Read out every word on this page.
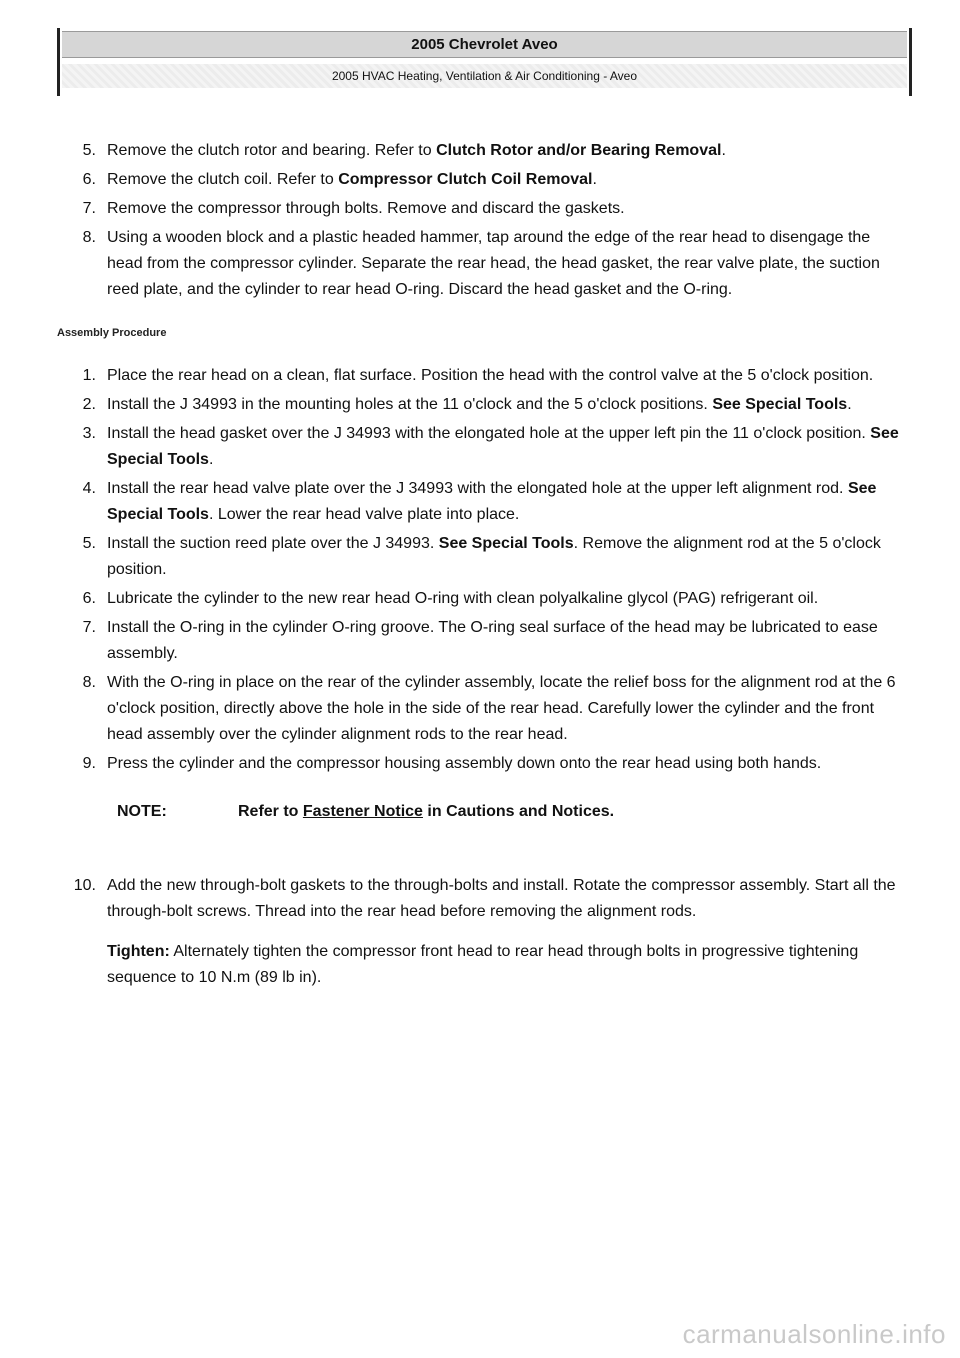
2005 Chevrolet Aveo
2005 HVAC Heating, Ventilation & Air Conditioning - Aveo
5. Remove the clutch rotor and bearing. Refer to Clutch Rotor and/or Bearing Removal.
6. Remove the clutch coil. Refer to Compressor Clutch Coil Removal.
7. Remove the compressor through bolts. Remove and discard the gaskets.
8. Using a wooden block and a plastic headed hammer, tap around the edge of the rear head to disengage the head from the compressor cylinder. Separate the rear head, the head gasket, the rear valve plate, the suction reed plate, and the cylinder to rear head O-ring. Discard the head gasket and the O-ring.
Assembly Procedure
1. Place the rear head on a clean, flat surface. Position the head with the control valve at the 5 o'clock position.
2. Install the J 34993 in the mounting holes at the 11 o'clock and the 5 o'clock positions. See Special Tools.
3. Install the head gasket over the J 34993 with the elongated hole at the upper left pin the 11 o'clock position. See Special Tools.
4. Install the rear head valve plate over the J 34993 with the elongated hole at the upper left alignment rod. See Special Tools. Lower the rear head valve plate into place.
5. Install the suction reed plate over the J 34993. See Special Tools. Remove the alignment rod at the 5 o'clock position.
6. Lubricate the cylinder to the new rear head O-ring with clean polyalkaline glycol (PAG) refrigerant oil.
7. Install the O-ring in the cylinder O-ring groove. The O-ring seal surface of the head may be lubricated to ease assembly.
8. With the O-ring in place on the rear of the cylinder assembly, locate the relief boss for the alignment rod at the 6 o'clock position, directly above the hole in the side of the rear head. Carefully lower the cylinder and the front head assembly over the cylinder alignment rods to the rear head.
9. Press the cylinder and the compressor housing assembly down onto the rear head using both hands.
NOTE:	Refer to Fastener Notice in Cautions and Notices.
10. Add the new through-bolt gaskets to the through-bolts and install. Rotate the compressor assembly. Start all the through-bolt screws. Thread into the rear head before removing the alignment rods.
Tighten: Alternately tighten the compressor front head to rear head through bolts in progressive tightening sequence to 10 N.m (89 lb in).
carmanualsonline.info
